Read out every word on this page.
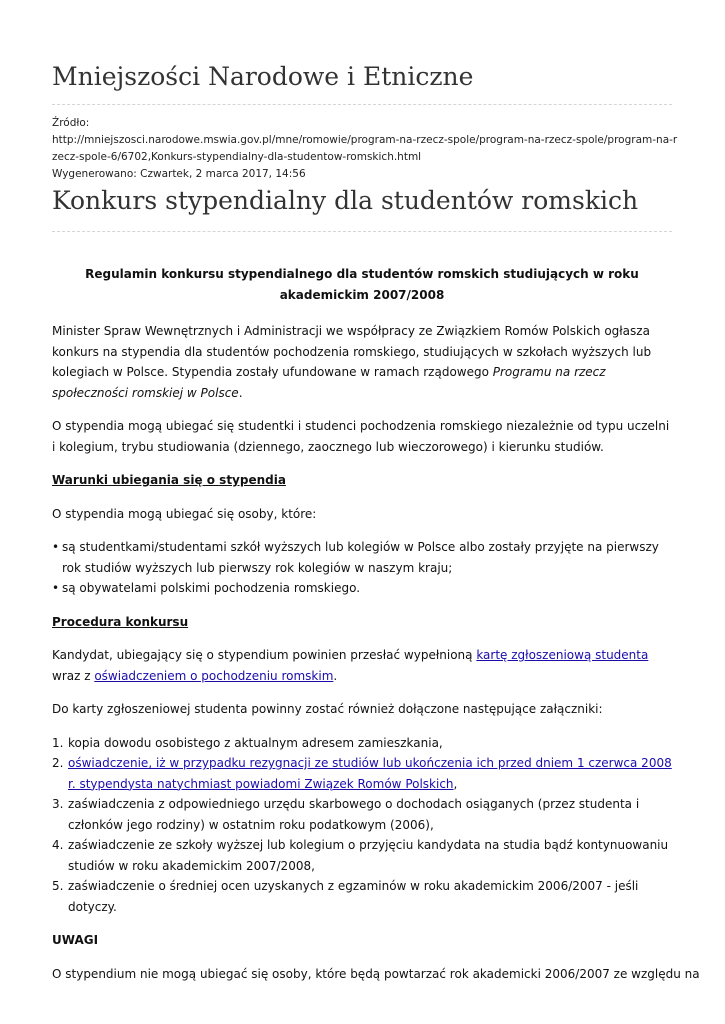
Mniejszości Narodowe i Etniczne
Źródło:
http://mniejszosci.narodowe.mswia.gov.pl/mne/romowie/program-na-rzecz-spole/program-na-rzecz-spole/program-na-r
zecz-spole-6/6702,Konkurs-stypendialny-dla-studentow-romskich.html
Wygenerowano: Czwartek, 2 marca 2017, 14:56
Konkurs stypendialny dla studentów romskich

Regulamin konkursu stypendialnego dla studentów romskich studiujących w roku akademickim 2007/2008

Minister Spraw Wewnętrznych i Administracji we współpracy ze Związkiem Romów Polskich ogłasza konkurs na stypendia dla studentów pochodzenia romskiego, studiujących w szkołach wyższych lub kolegiach w Polsce. Stypendia zostały ufundowane w ramach rządowego Programu na rzecz społeczności romskiej w Polsce.

O stypendia mogą ubiegać się studentki i studenci pochodzenia romskiego niezależnie od typu uczelni i kolegium, trybu studiowania (dziennego, zaocznego lub wieczorowego) i kierunku studiów.

Warunki ubiegania się o stypendia

O stypendia mogą ubiegać się osoby, które:

• są studentkami/studentami szkół wyższych lub kolegiów w Polsce albo zostały przyjęte na pierwszy rok studiów wyższych lub pierwszy rok kolegiów w naszym kraju;
• są obywatelami polskimi pochodzenia romskiego.

Procedura konkursu

Kandydat, ubiegający się o stypendium powinien przesłać wypełnioną kartę zgłoszeniową studenta wraz z oświadczeniem o pochodzeniu romskim.

Do karty zgłoszeniowej studenta powinny zostać również dołączone następujące załączniki:

1. kopia dowodu osobistego z aktualnym adresem zamieszkania,
2. oświadczenie, iż w przypadku rezygnacji ze studiów lub ukończenia ich przed dniem 1 czerwca 2008 r. stypendysta natychmiast powiadomi Związek Romów Polskich,
3. zaświadczenia z odpowiedniego urzędu skarbowego o dochodach osiąganych (przez studenta i członków jego rodziny) w ostatnim roku podatkowym (2006),
4. zaświadczenie ze szkoły wyższej lub kolegium o przyjęciu kandydata na studia bądź kontynuowaniu studiów w roku akademickim 2007/2008,
5. zaświadczenie o średniej ocen uzyskanych z egzaminów w roku akademickim 2006/2007 - jeśli dotyczy.

UWAGI

O stypendium nie mogą ubiegać się osoby, które będą powtarzać rok akademicki 2006/2007 ze względu na
